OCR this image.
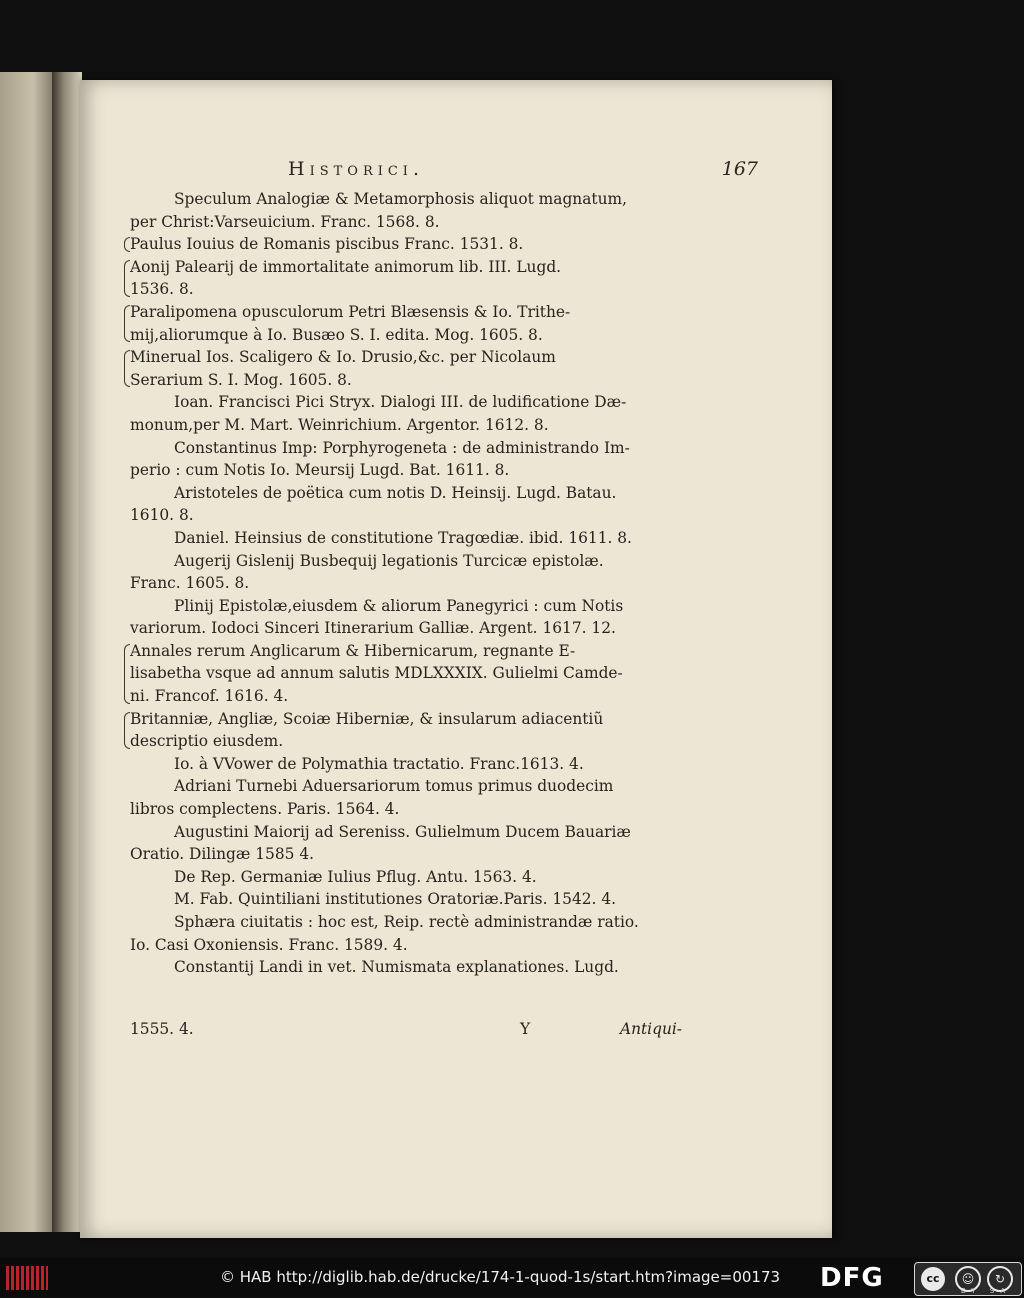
Historici.	167
Speculum Analogiæ & Metamorphosis aliquot magnatum,
per Christ:Varseuicium. Franc. 1568. 8.
Paulus Iouius de Romanis piscibus Franc. 1531. 8.
Aonij Palearij de immortalitate animorum lib. III. Lugd.
1536. 8.
Paralipomena opusculorum Petri Blæsensis & Io. Trithe-
mij,aliorumque à Io. Busæo S. I. edita. Mog. 1605. 8.
Minerual Ios. Scaligero & Io. Drusio,&c. per Nicolaum
Serarium S. I. Mog. 1605. 8.
Ioan. Francisci Pici Stryx. Dialogi III. de ludificatione Dæ-
monum,per M. Mart. Weinrichium. Argentor. 1612. 8.
Constantinus Imp: Porphyrogeneta : de administrando Im-
perio : cum Notis Io. Meursij Lugd. Bat. 1611. 8.
Aristoteles de poëtica cum notis D. Heinsij. Lugd. Batau.
1610. 8.
Daniel. Heinsius de constitutione Tragœdiæ. ibid. 1611. 8.
Augerij Gislenij Busbequij legationis Turcicæ epistolæ.
Franc. 1605. 8.
Plinij Epistolæ,eiusdem & aliorum Panegyrici : cum Notis
variorum. Iodoci Sinceri Itinerarium Galliæ. Argent. 1617. 12.
Annales rerum Anglicarum & Hibernicarum, regnante E-
lisabetha vsque ad annum salutis MDLXXXIX. Gulielmi Camde-
ni. Francof. 1616. 4.
Britanniæ, Angliæ, Scoiæ Hiberniæ, & insularum adiacentiũ
descriptio eiusdem.
Io. à VVower de Polymathia tractatio. Franc.1613. 4.
Adriani Turnebi Aduersariorum tomus primus duodecim
libros complectens. Paris. 1564. 4.
Augustini Maiorij ad Sereniss. Gulielmum Ducem Bauariæ
Oratio. Dilingæ 1585 4.
De Rep. Germaniæ Iulius Pflug. Antu. 1563. 4.
M. Fab. Quintiliani institutiones Oratoriæ.Paris. 1542. 4.
Sphæra ciuitatis : hoc est, Reip. rectè administrandæ ratio.
Io. Casi Oxoniensis. Franc. 1589. 4.
Constantij Landi in vet. Numismata explanationes. Lugd.
1555. 4.	Y	Antiqui-
© HAB http://diglib.hab.de/drucke/174-1-quod-1s/start.htm?image=00173 DFG	cc	☺	↻
BY SA
